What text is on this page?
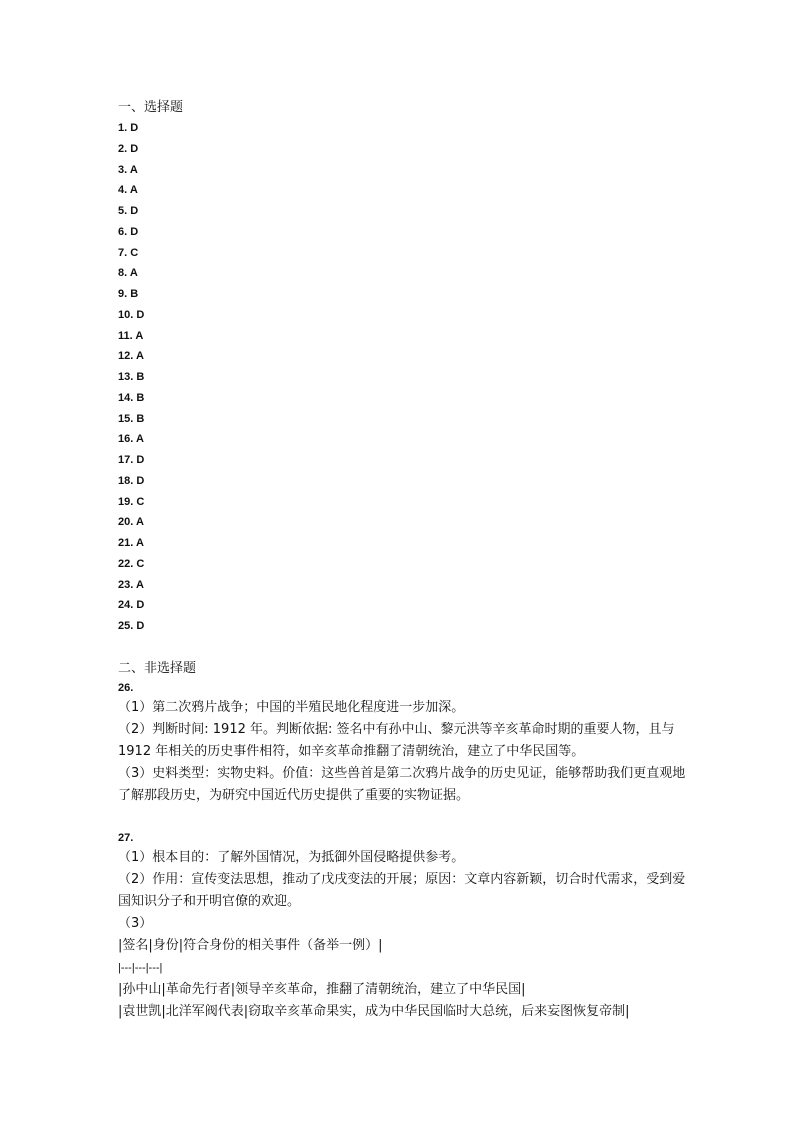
一、选择题
1. D
2. D
3. A
4. A
5. D
6. D
7. C
8. A
9. B
10. D
11. A
12. A
13. B
14. B
15. B
16. A
17. D
18. D
19. C
20. A
21. A
22. C
23. A
24. D
25. D
二、非选择题
26.

（1）第二次鸦片战争；中国的半殖民地化程度进一步加深。

（2）判断时间: 1912 年。判断依据: 签名中有孙中山、黎元洪等辛亥革命时期的重要人物，且与 1912 年相关的历史事件相符，如辛亥革命推翻了清朝统治，建立了中华民国等。

（3）史料类型：实物史料。价值：这些兽首是第二次鸦片战争的历史见证，能够帮助我们更直观地了解那段历史，为研究中国近代历史提供了重要的实物证据。

27.

（1）根本目的：了解外国情况，为抵御外国侵略提供参考。

（2）作用：宣传变法思想，推动了戊戌变法的开展；原因：文章内容新颖，切合时代需求，受到爱国知识分子和开明官僚的欢迎。

（3）

|签名|身份|符合身份的相关事件（备举一例）|

|---|---|---|

|孙中山|革命先行者|领导辛亥革命，推翻了清朝统治，建立了中华民国|

|袁世凯|北洋军阀代表|窃取辛亥革命果实，成为中华民国临时大总统，后来妄图恢复帝制|
